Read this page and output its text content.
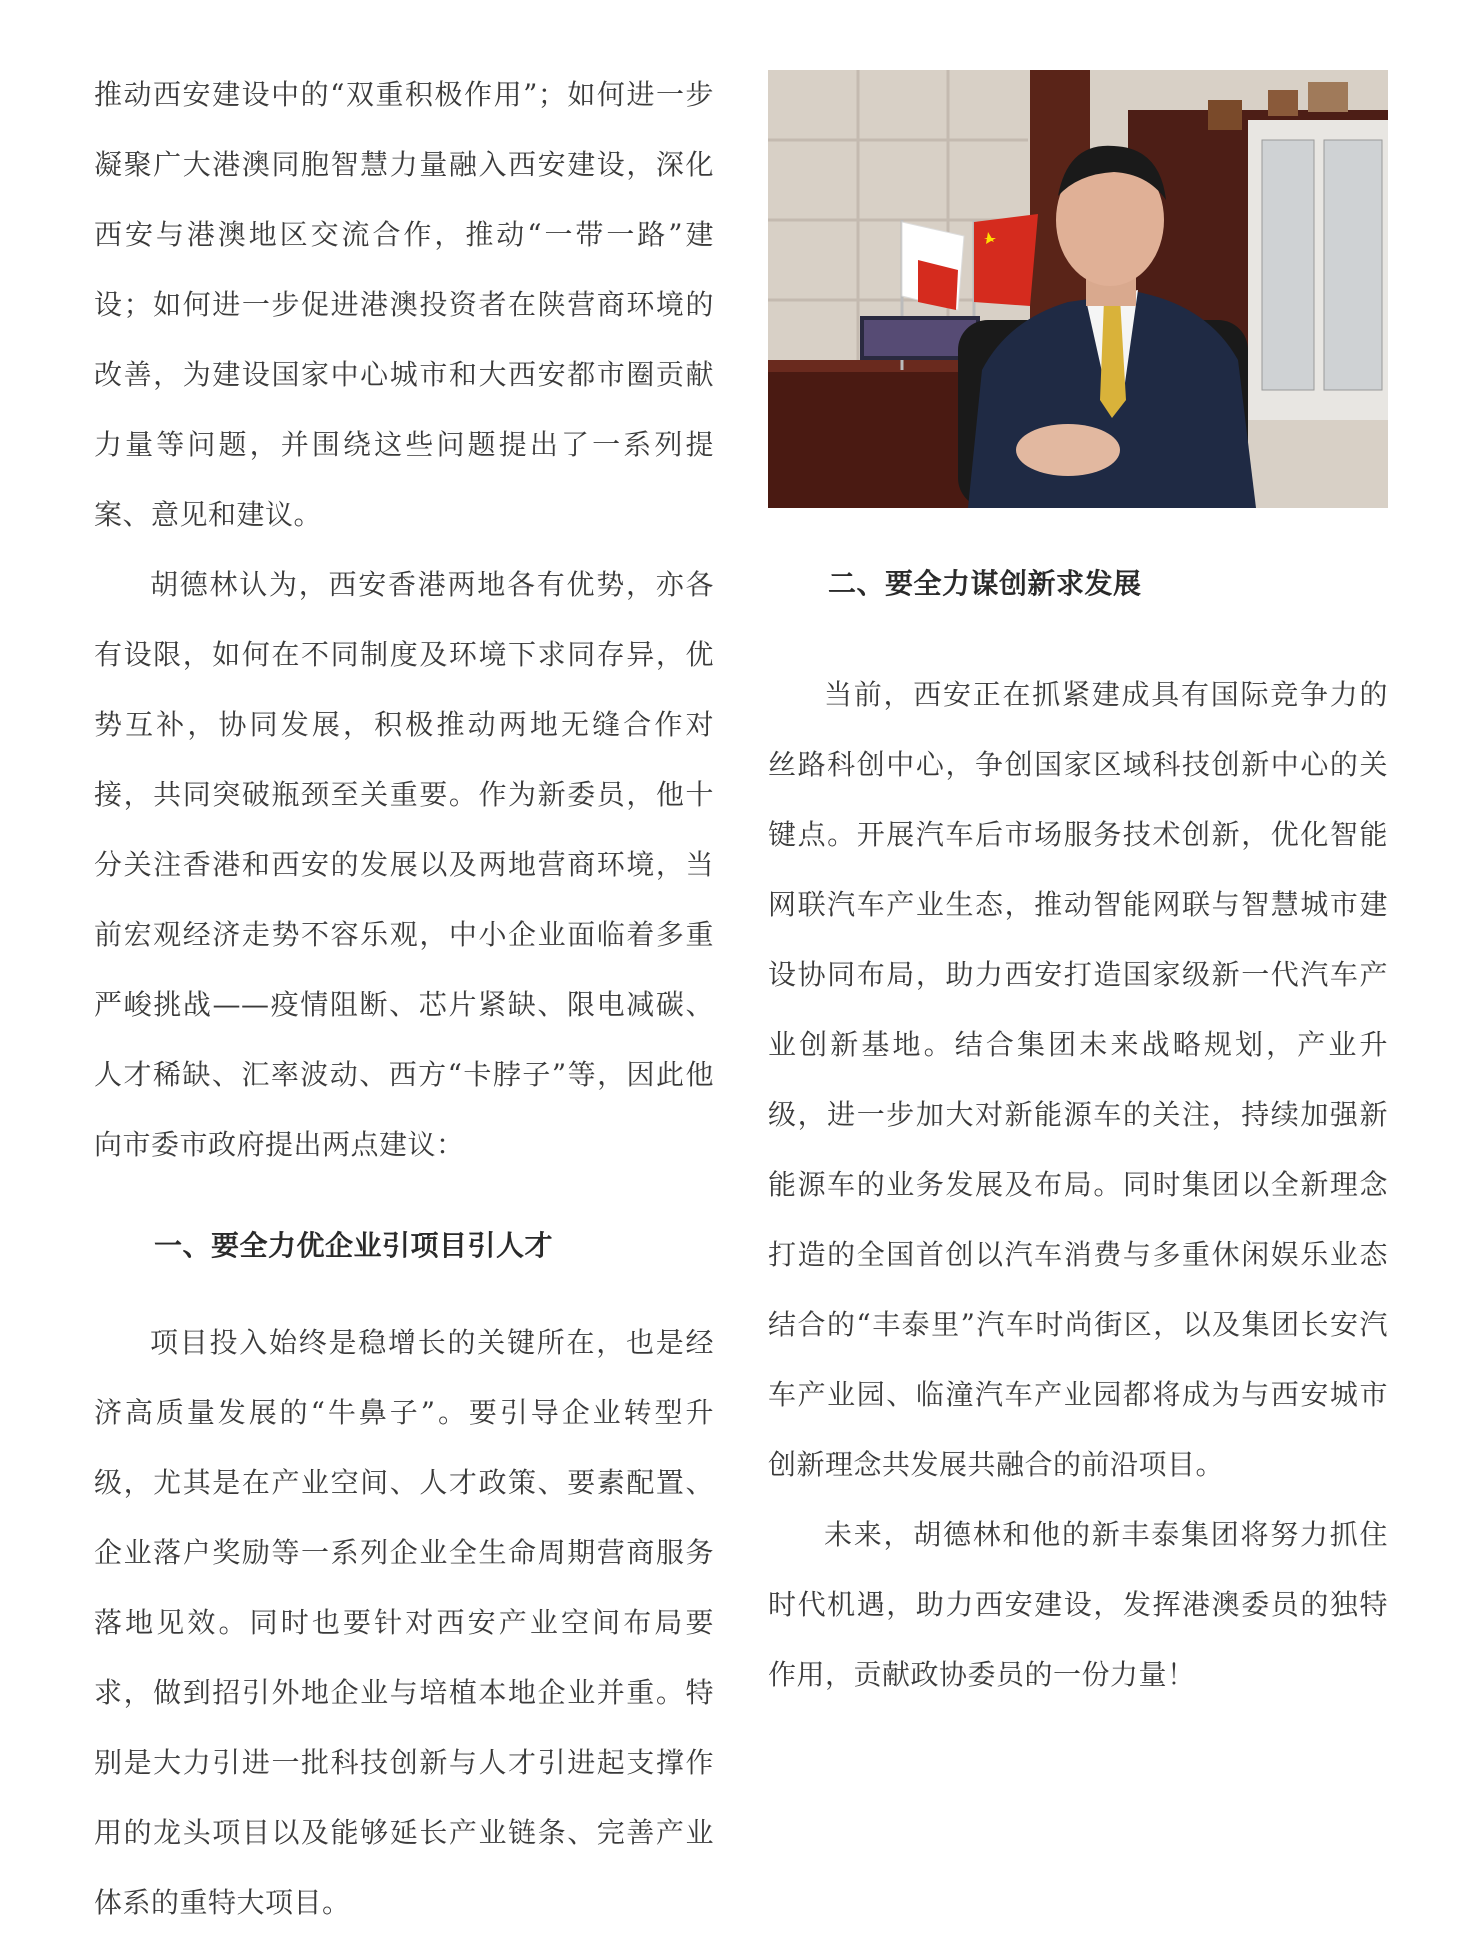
推动西安建设中的“双重积极作用”；如何进一步凝聚广大港澳同胞智慧力量融入西安建设，深化西安与港澳地区交流合作，推动“一带一路”建设；如何进一步促进港澳投资者在陕营商环境的改善，为建设国家中心城市和大西安都市圈贡献力量等问题，并围绕这些问题提出了一系列提案、意见和建议。

胡德林认为，西安香港两地各有优势，亦各有设限，如何在不同制度及环境下求同存异，优势互补，协同发展，积极推动两地无缝合作对接，共同突破瓶颈至关重要。作为新委员，他十分关注香港和西安的发展以及两地营商环境，当前宏观经济走势不容乐观，中小企业面临着多重严峻挑战——疫情阻断、芯片紧缺、限电减碳、人才稀缺、汇率波动、西方“卡脖子”等，因此他向市委市政府提出两点建议：

一、要全力优企业引项目引人才

项目投入始终是稳增长的关键所在，也是经济高质量发展的“牛鼻子”。要引导企业转型升级，尤其是在产业空间、人才政策、要素配置、企业落户奖励等一系列企业全生命周期营商服务落地见效。同时也要针对西安产业空间布局要求，做到招引外地企业与培植本地企业并重。特别是大力引进一批科技创新与人才引进起支撑作用的龙头项目以及能够延长产业链条、完善产业体系的重特大项目。

二、要全力谋创新求发展

当前，西安正在抓紧建成具有国际竞争力的丝路科创中心，争创国家区域科技创新中心的关键点。开展汽车后市场服务技术创新，优化智能网联汽车产业生态，推动智能网联与智慧城市建设协同布局，助力西安打造国家级新一代汽车产业创新基地。结合集团未来战略规划，产业升级，进一步加大对新能源车的关注，持续加强新能源车的业务发展及布局。同时集团以全新理念打造的全国首创以汽车消费与多重休闲娱乐业态结合的“丰泰里”汽车时尚街区，以及集团长安汽车产业园、临潼汽车产业园都将成为与西安城市创新理念共发展共融合的前沿项目。

未来，胡德林和他的新丰泰集团将努力抓住时代机遇，助力西安建设，发挥港澳委员的独特作用，贡献政协委员的一份力量！
